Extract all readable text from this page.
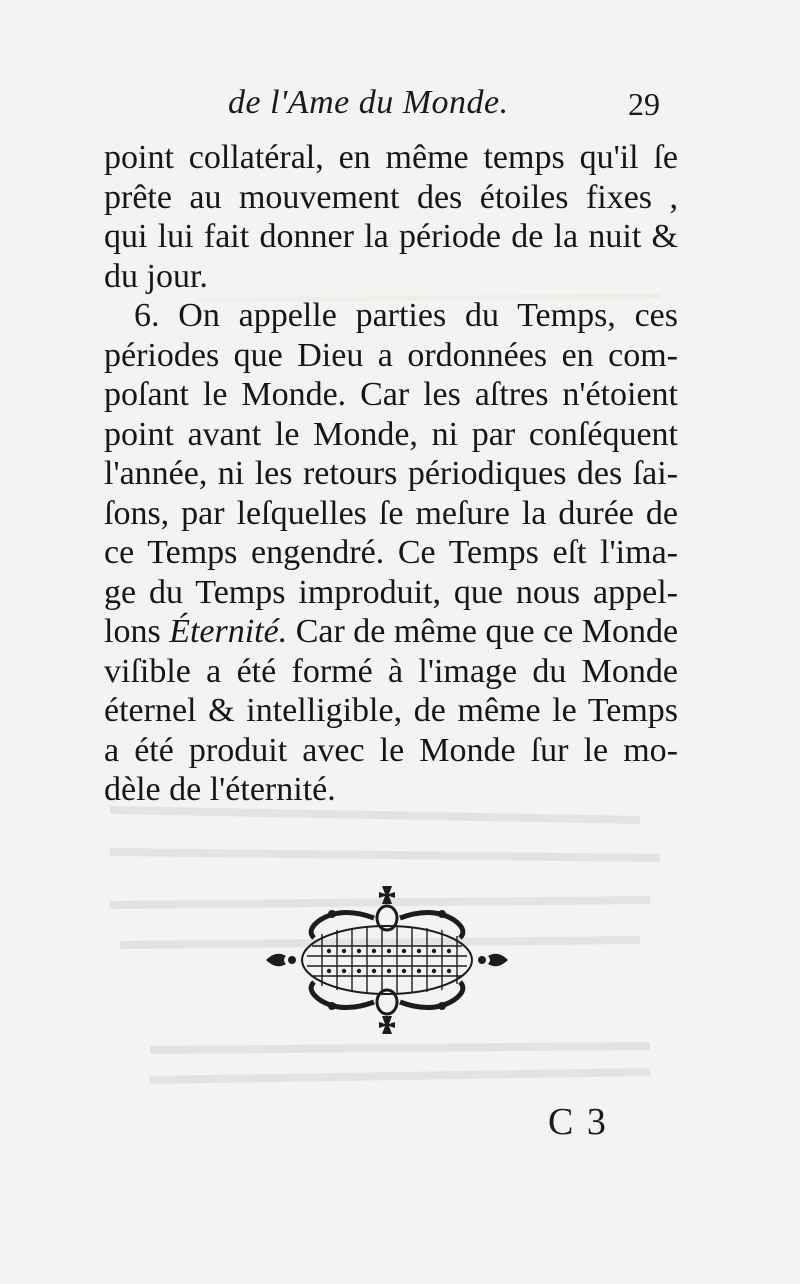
de l'Ame du Monde.	29
point collatéral, en même temps qu'il ſe
prête au mouvement des étoiles fixes ,
qui lui fait donner la période de la nuit &
du jour.
6. On appelle parties du Temps, ces
périodes que Dieu a ordonnées en com-
poſant le Monde. Car les aſtres n'étoient
point avant le Monde, ni par conſéquent
l'année, ni les retours périodiques des ſai-
ſons, par leſquelles ſe meſure la durée de
ce Temps engendré. Ce Temps eſt l'ima-
ge du Temps improduit, que nous appel-
lons Éternité. Car de même que ce Monde
viſible a été formé à l'image du Monde
éternel & intelligible, de même le Temps
a été produit avec le Monde ſur le mo-
dèle de l'éternité.
C 3
